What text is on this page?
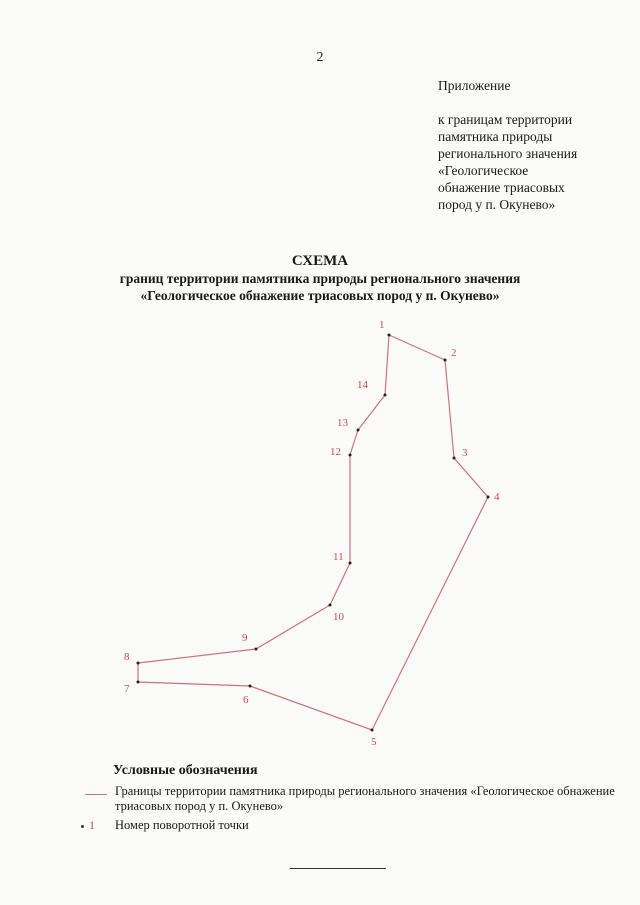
2
Приложение
к границам территории
памятника природы
регионального значения
«Геологическое
обнажение триасовых
пород у п. Окунево»
СХЕМА
границ территории памятника природы регионального значения
«Геологическое обнажение триасовых пород у п. Окунево»
1
2
3
4
5
6
7
8
9
10
11
12
13
14
Условные обозначения
Границы территории памятника природы регионального значения «Геологическое обнажение триасовых пород у п. Окунево»
1 Номер поворотной точки
